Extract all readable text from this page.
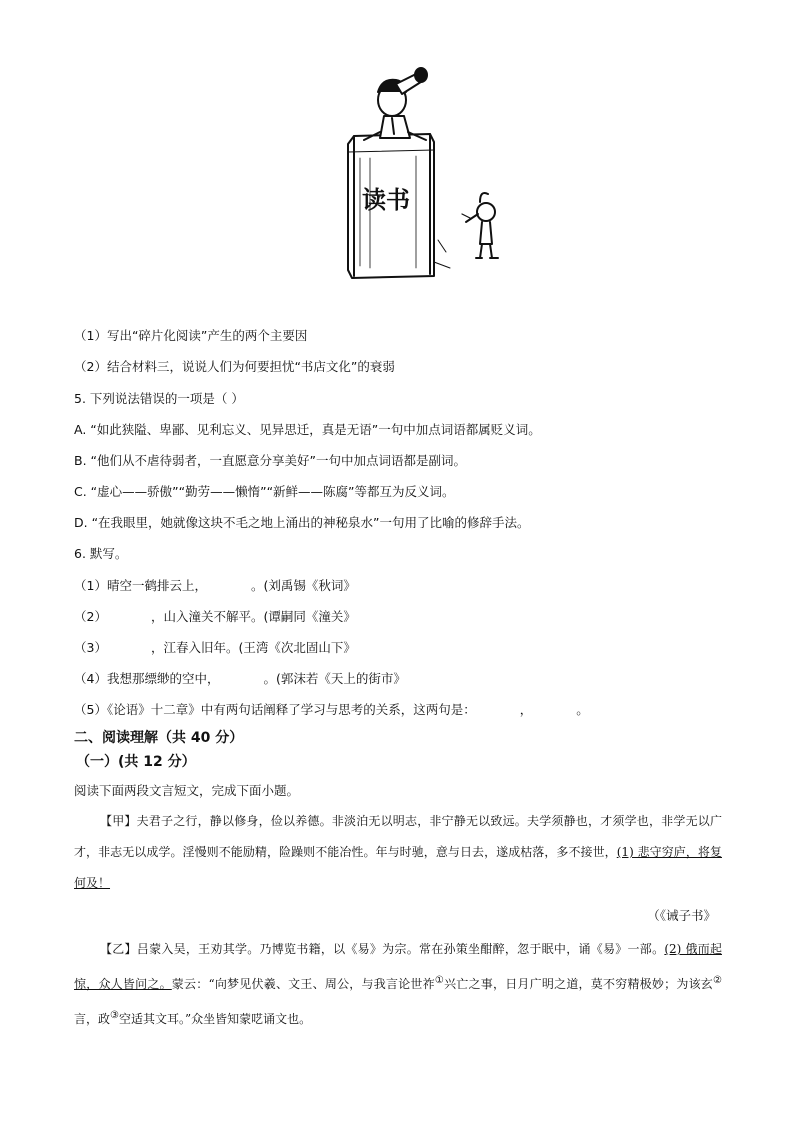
读书
（1）写出“碎片化阅读”产生的两个主要因
（2）结合材料三，说说人们为何要担忧“书店文化”的衰弱
5. 下列说法错误的一项是（ ）
A. “如此狭隘、卑鄙、见利忘义、见异思迁，真是无语”一句中加点词语都属贬义词。
B. “他们从不虐待弱者，一直愿意分享美好”一句中加点词语都是副词。
C. “虚心——骄傲”“勤劳——懒惰”“新鲜——陈腐”等都互为反义词。
D. “在我眼里，她就像这块不毛之地上涌出的神秘泉水”一句用了比喻的修辞手法。
6. 默写。
（1）晴空一鹤排云上，	。(刘禹锡《秋词》
（2）	，山入潼关不解平。(谭嗣同《潼关》
（3）	，江春入旧年。(王湾《次北固山下》
（4）我想那缥缈的空中，	。(郭沫若《天上的街市》
（5）《论语》十二章》中有两句话阐释了学习与思考的关系，这两句是：	，	。
二、阅读理解（共 40 分）
（一）(共 12 分）
阅读下面两段文言短文，完成下面小题。

【甲】夫君子之行，静以修身，俭以养德。非淡泊无以明志，非宁静无以致远。夫学须静也，才须学也，非学无以广才，非志无以成学。淫慢则不能励精，险躁则不能冶性。年与时驰，意与日去，遂成枯落，多不接世，(1) 悲守穷庐，将复何及！

（《诫子书》

【乙】吕蒙入吴，王劝其学。乃博览书籍，以《易》为宗。常在孙策坐酣醉，忽于眠中，诵《易》一部。(2) 俄而起惊，众人皆问之。蒙云：“向梦见伏羲、文王、周公，与我言论世祚①兴亡之事，日月广明之道，莫不穷精极妙；为该玄②言，政③空适其文耳。”众坐皆知蒙呓诵文也。
